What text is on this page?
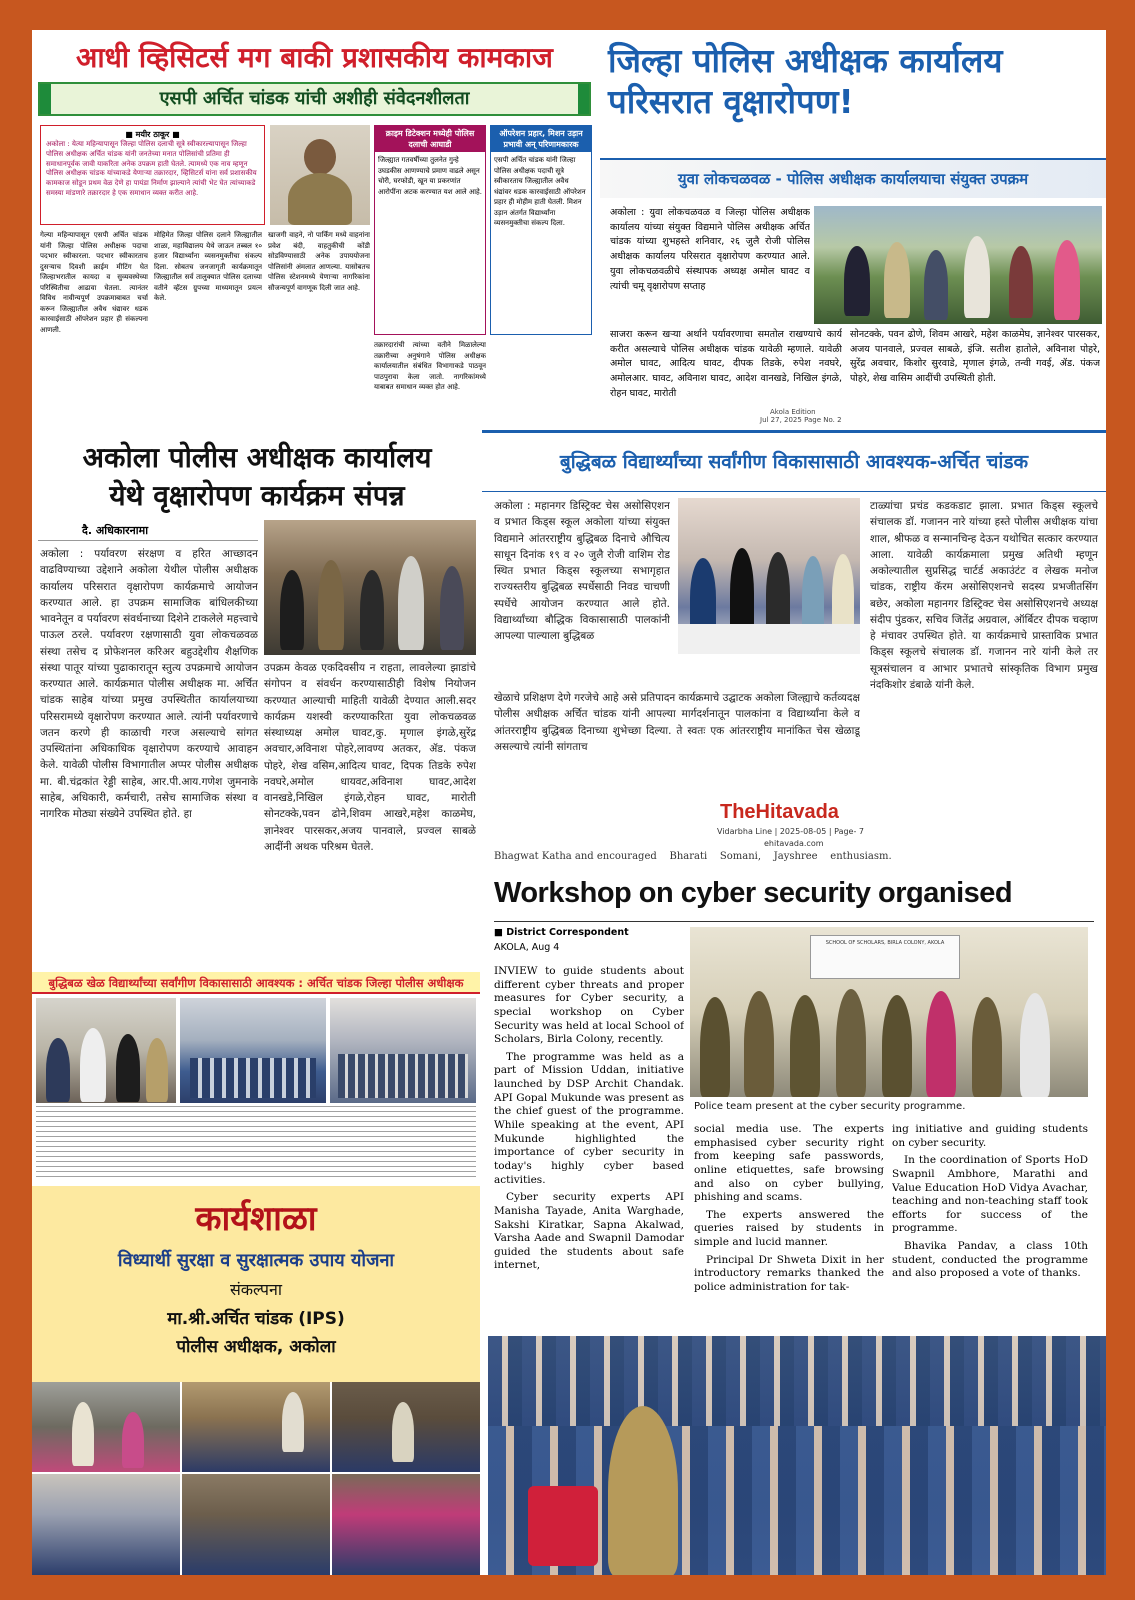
आधी व्हिसिटर्स मग बाकी प्रशासकीय कामकाज
एसपी अर्चित चांडक यांची अशीही संवेदनशीलता
■ मयीर ठाकूर ■
अकोला : येत्या महिन्यापासून जिल्हा पोलिस दलाची सूत्रे स्वीकारल्यापासून जिल्हा पोलिस अधीक्षक अर्चित चांडक यांनी जनतेच्या मनात पोलिसांची प्रतिमा ही समाधानपूर्वक जावी याकरिता अनेक उपक्रम हाती घेतले. त्यामध्ये एक नाव म्हणून पोलिस अधीक्षक चांडक यांच्याकडे येणाऱ्या तक्रारदार, व्हिसिटर्स यांना सर्व प्रशासकीय कामकाज सोडून प्रथम वेळ देणे हा पायंडा निर्माण झाल्याने त्यांची भेट घेत त्यांच्याकडे समस्या मांडणारे तक्रारदार हे एक समाधान व्यक्त करीत आहे.
क्राइम डिटेक्शन मध्येही पोलिस दलाची आघाडी
जिल्ह्यात गतवर्षीच्या तुलनेत गुन्हे उघडकीस आणण्याचे प्रमाण वाढले असून चोरी, घरफोडी, खून या प्रकरणांत आरोपींना अटक करण्यात यश आले आहे.
ऑपरेशन प्रहार, मिशन उड़ान प्रभावी अन् परिणामकारक
एसपी अर्चित चांडक यांनी जिल्हा पोलिस अधीक्षक पदाची सूत्रे स्वीकारताच जिल्ह्यातील अवैध धंद्यांवर धडक कारवाईसाठी ऑपरेशन प्रहार ही मोहीम हाती घेतली. मिशन उड़ान अंतर्गत विद्यार्थ्यांना व्यसनमुक्तीचा संकल्प दिला.
गेल्या महिन्यापासून एसपी अर्चित चांडक यांनी जिल्हा पोलिस अधीक्षक पदाचा पदभार स्वीकारला. पदभार स्वीकारताच दुसऱ्याच दिवशी क्राईम मीटिंग घेत जिल्हाभरातील कायदा व सुव्यवस्थेच्या परिस्थितीचा आढावा घेतला. त्यानंतर विविध नावीन्यपूर्ण उपक्रमाबाबत चर्चा करून जिल्ह्यातील अवैध धंद्यावर धडक कारवाईसाठी ऑपरेशन प्रहार ही संकल्पना आणली.
मोहिमेत जिल्हा पोलिस दलाने जिल्ह्यातील शाळा, महाविद्यालय येथे जाऊन तब्बल १० हजार विद्यार्थ्यांना व्यसनमुक्तीचा संकल्प दिला. सोबतच जनजागृती कार्यक्रमातून जिल्ह्यातील सर्व तालुक्यात पोलिस दलाच्या वतीने व्हॅटस ग्रुपच्या माध्यमातून प्रयत्न केले.
खाजगी वाहने, नो पार्किंग मध्ये वाहनांना प्रवेश बंदी, वाहतुकीची कोंडी सोडविण्यासाठी अनेक उपाययोजना पोलिसांनी अंमलात आणल्या. यासोबतच पोलिस स्टेशनमध्ये येणाऱ्या नागरिकांना सौजन्यपूर्ण वागणूक दिली जात आहे.
तक्रारदारांची त्यांच्या वतीने मिळालेल्या तक्रारीच्या अनुषंगाने पोलिस अधीक्षक कार्यालयातील संबंधित विभागाकडे पाठवून पाठपुरावा केला जातो. नागरिकांमध्ये याबाबत समाधान व्यक्त होत आहे.
जिल्हा पोलिस अधीक्षक कार्यालय परिसरात वृक्षारोपण!
युवा लोकचळवळ - पोलिस अधीक्षक कार्यालयाचा संयुक्त उपक्रम
अकोला : युवा लोकचळवळ व जिल्हा पोलिस अधीक्षक कार्यालय यांच्या संयुक्त विद्यमाने पोलिस अधीक्षक अर्चित चांडक यांच्या शुभहस्ते शनिवार, २६ जुलै रोजी पोलिस अधीक्षक कार्यालय परिसरात वृक्षारोपण करण्यात आले. युवा लोकचळवळीचे संस्थापक अध्यक्ष अमोल घावट व त्यांची चमू वृक्षारोपण सप्ताह
साजरा करून खऱ्या अर्थाने पर्यावरणाचा समतोल राखण्याचे कार्य करीत असल्याचे पोलिस अधीक्षक चांडक यावेळी म्हणाले. यावेळी अमोल घावट, आदित्य घावट, दीपक तिडके, रुपेश नवघरे, अमोलआर. घावट, अविनाश घावट, आदेश वानखडे, निखिल इंगळे, रोहन घावट, मारोती
सोनटक्के, पवन ढोणे, शिवम आखरे, महेश काळमेघ, ज्ञानेश्वर पारसकर, अजय पानवाले, प्रज्वल साबळे, इंजि. सतीश हातोले, अविनाश पोहरे, सुरेंद्र अवचार, किशोर सुरवाडे, मृणाल इंगळे, तन्वी गवई, ॲड. पंकज पोहरे, शेख वासिम आदींची उपस्थिती होती.
Akola Edition
Jul 27, 2025 Page No. 2
अकोला पोलीस अधीक्षक कार्यालय
येथे वृक्षारोपण कार्यक्रम संपन्न
दै. अधिकारनामा
अकोला : पर्यावरण संरक्षण व हरित आच्छादन वाढविण्याच्या उद्देशाने अकोला येथील पोलीस अधीक्षक कार्यालय परिसरात वृक्षारोपण कार्यक्रमाचे आयोजन करण्यात आले. हा उपक्रम सामाजिक बांधिलकीच्या भावनेतून व पर्यावरण संवर्धनाच्या दिशेने टाकलेले महत्त्वाचे पाऊल ठरले. पर्यावरण रक्षणासाठी युवा लोकचळवळ संस्था तसेच द प्रोफेशनल करिअर बहुउद्देशीय शैक्षणिक संस्था पातूर यांच्या पुढाकारातून स्तुत्य उपक्रमाचे आयोजन करण्यात आले. कार्यक्रमात पोलीस अधीक्षक मा. अर्चित चांडक साहेब यांच्या प्रमुख उपस्थितीत कार्यालयाच्या परिसरामध्ये वृक्षारोपण करण्यात आले. त्यांनी पर्यावरणाचे जतन करणे ही काळाची गरज असल्याचे सांगत उपस्थितांना अधिकाधिक वृक्षारोपण करण्याचे आवाहन केले. यावेळी पोलीस विभागातील अप्पर पोलीस अधीक्षक मा. बी.चंद्रकांत रेड्डी साहेब, आर.पी.आय.गणेश जुमनाके साहेब, अधिकारी, कर्मचारी, तसेच सामाजिक संस्था व नागरिक मोठ्या संख्येने उपस्थित होते. हा
उपक्रम केवळ एकदिवसीय न राहता, लावलेल्या झाडांचे संगोपन व संवर्धन करण्यासाठीही विशेष नियोजन करण्यात आल्याची माहिती यावेळी देण्यात आली.सदर कार्यक्रम यशस्वी करण्याकरिता युवा लोकचळवळ संस्थाध्यक्ष अमोल घावट,कु. मृणाल इंगळे,सुरेंद्र अवचार,अविनाश पोहरे,लावण्य अतकर, ॲड. पंकज पोहरे, शेख वसिम,आदित्य घावट, दिपक तिडके रुपेश नवघरे,अमोल धायवट,अविनाश घावट,आदेश वानखडे,निखिल इंगळे,रोहन घावट, मारोती सोनटक्के,पवन ढोने,शिवम आखरे,महेश काळमेघ, ज्ञानेश्वर पारसकर,अजय पानवाले, प्रज्वल साबळे आदींनी अथक परिश्रम घेतले.
बुद्धिबळ विद्यार्थ्यांच्या सर्वांगीण विकासासाठी आवश्यक-अर्चित चांडक
अकोला : महानगर डिस्ट्रिक्ट चेस असोसिएशन व प्रभात किड्स स्कूल अकोला यांच्या संयुक्त विद्यमाने आंतरराष्ट्रीय बुद्धिबळ दिनाचे औचित्य साधून दिनांक १९ व २० जुलै रोजी वाशिम रोड स्थित प्रभात किड्स स्कूलच्या सभागृहात राज्यस्तरीय बुद्धिबळ स्पर्धेसाठी निवड चाचणी स्पर्धेचे आयोजन करण्यात आले होते. विद्यार्थ्यांच्या बौद्धिक विकासासाठी पालकांनी आपल्या पाल्याला बुद्धिबळ
खेळाचे प्रशिक्षण देणे गरजेचे आहे असे प्रतिपादन कार्यक्रमाचे उद्घाटक अकोला जिल्ह्याचे कर्तव्यदक्ष पोलीस अधीक्षक अर्चित चांडक यांनी आपल्या मार्गदर्शनातून पालकांना व विद्यार्थ्यांना केले व आंतरराष्ट्रीय बुद्धिबळ दिनाच्या शुभेच्छा दिल्या. ते स्वतः एक आंतरराष्ट्रीय मानांकित चेस खेळाडू असल्याचे त्यांनी सांगताच
टाळ्यांचा प्रचंड कडकडाट झाला. प्रभात किड्स स्कूलचे संचालक डॉ. गजानन नारे यांच्या हस्ते पोलीस अधीक्षक यांचा शाल, श्रीफळ व सन्मानचिन्ह देऊन यथोचित सत्कार करण्यात आला. यावेळी कार्यक्रमाला प्रमुख अतिथी म्हणून अकोल्यातील सुप्रसिद्ध चार्टर्ड अकाउंटंट व लेखक मनोज चांडक, राष्ट्रीय कॅरम असोसिएशनचे सदस्य प्रभजीतसिंग बछेर, अकोला महानगर डिस्ट्रिक्ट चेस असोसिएशनचे अध्यक्ष संदीप पुंडकर, सचिव जितेंद्र अग्रवाल, ऑर्बिटर दीपक चव्हाण हे मंचावर उपस्थित होते. या कार्यक्रमाचे प्रास्ताविक प्रभात किड्स स्कूलचे संचालक डॉ. गजानन नारे यांनी केले तर सूत्रसंचालन व आभार प्रभातचे सांस्कृतिक विभाग प्रमुख नंदकिशोर डंबाळे यांनी केले.
TheHitavada
Vidarbha Line | 2025-08-05 | Page- 7
ehitavada.com
Bhagwat Katha and encouraged    Bharati    Somani,    Jayshree    enthusiasm.
Workshop on cyber security organised
■ District Correspondent
AKOLA, Aug 4	SCHOOL OF SCHOLARS, BIRLA COLONY, AKOLA
Police team present at the cyber security programme.

INVIEW to guide students about different cyber threats and proper measures for Cyber security, a special workshop on Cyber Security was held at local School of Scholars, Birla Colony, recently.

The programme was held as a part of Mission Uddan, initiative launched by DSP Archit Chandak. API Gopal Mukunde was present as the chief guest of the programme. While speaking at the event, API Mukunde highlighted the importance of cyber security in today's highly cyber based activities.

Cyber security experts API Manisha Tayade, Anita Warghade, Sakshi Kiratkar, Sapna Akalwad, Varsha Aade and Swapnil Damodar guided the students about safe internet,

social media use. The experts emphasised cyber security right from keeping safe passwords, online etiquettes, safe browsing and also on cyber bullying, phishing and scams.

The experts answered the queries raised by students in simple and lucid manner.

Principal Dr Shweta Dixit in her introductory remarks thanked the police administration for tak-

ing initiative and guiding students on cyber security.

In the coordination of Sports HoD Swapnil Ambhore, Marathi and Value Education HoD Vidya Avachar, teaching and non-teaching staff took efforts for success of the programme.

Bhavika Pandav, a class 10th student, conducted the programme and also proposed a vote of thanks.

बुद्धिबळ खेळ विद्यार्थ्यांच्या सर्वांगीण विकासासाठी आवश्यक : अर्चित चांडक जिल्हा पोलीस अधीक्षक
कार्यशाळा
विध्यार्थी सुरक्षा व सुरक्षात्मक उपाय योजना
संकल्पना
मा.श्री.अर्चित चांडक (IPS)
पोलीस अधीक्षक, अकोला
